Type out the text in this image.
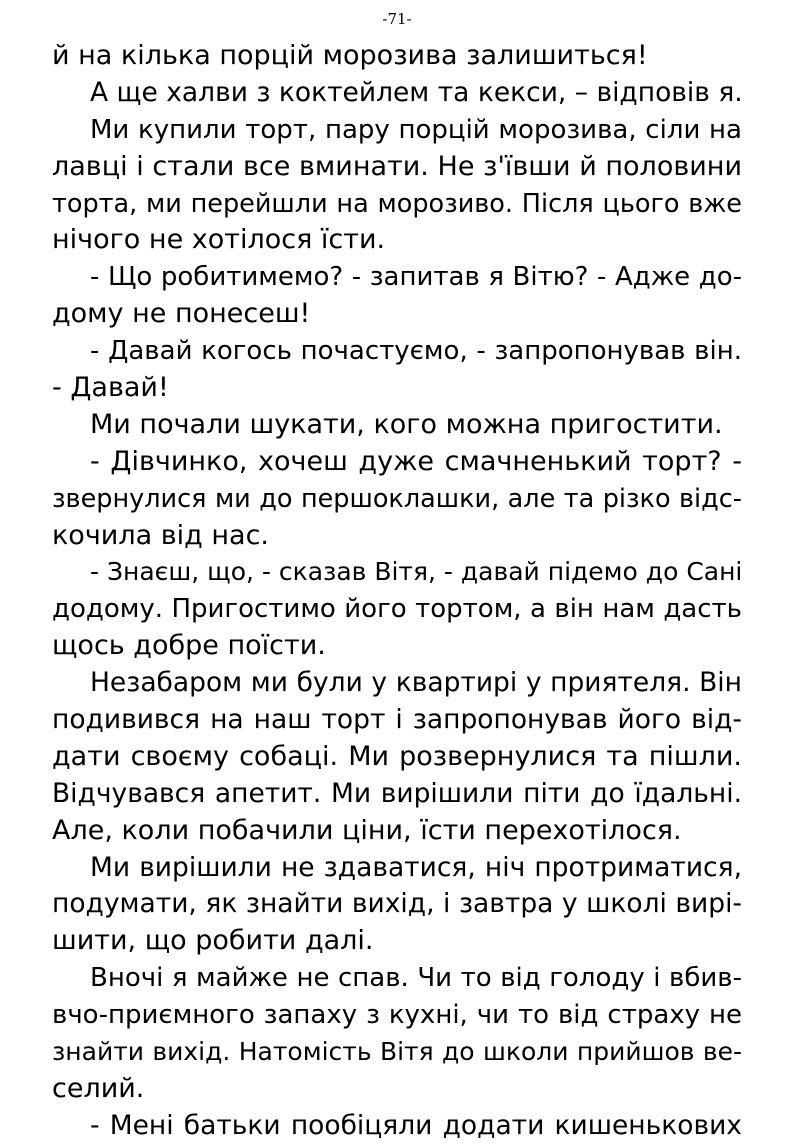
-71-
й на кілька порцій морозива залишиться!
А ще халви з коктейлем та кекси, – відповів я.
Ми купили торт, пару порцій морозива, сіли на
лавці і стали все вминати. Не з'ївши й половини
торта, ми перейшли на морозиво. Після цього вже
нічого не хотілося їсти.
- Що робитимемо? - запитав я Вітю? - Адже до-
дому не понесеш!
- Давай когось почастуємо, - запропонував він.
- Давай!
Ми почали шукати, кого можна пригостити.
- Дівчинко, хочеш дуже смачненький торт? -
звернулися ми до першоклашки, але та різко відс-
кочила від нас.
- Знаєш, що, - сказав Вітя, - давай підемо до Сані
додому. Пригостимо його тортом, а він нам дасть
щось добре поїсти.
Незабаром ми були у квартирі у приятеля. Він
подивився на наш торт і запропонував його від-
дати своєму собаці. Ми розвернулися та пішли.
Відчувався апетит. Ми вирішили піти до їдальні.
Але, коли побачили ціни, їсти перехотілося.
Ми вирішили не здаватися, ніч протриматися,
подумати, як знайти вихід, і завтра у школі вирі-
шити, що робити далі.
Вночі я майже не спав. Чи то від голоду і вбив-
вчо-приємного запаху з кухні, чи то від страху не
знайти вихід. Натомість Вітя до школи прийшов ве-
селий.
- Мені батьки пообіцяли додати кишенькових
